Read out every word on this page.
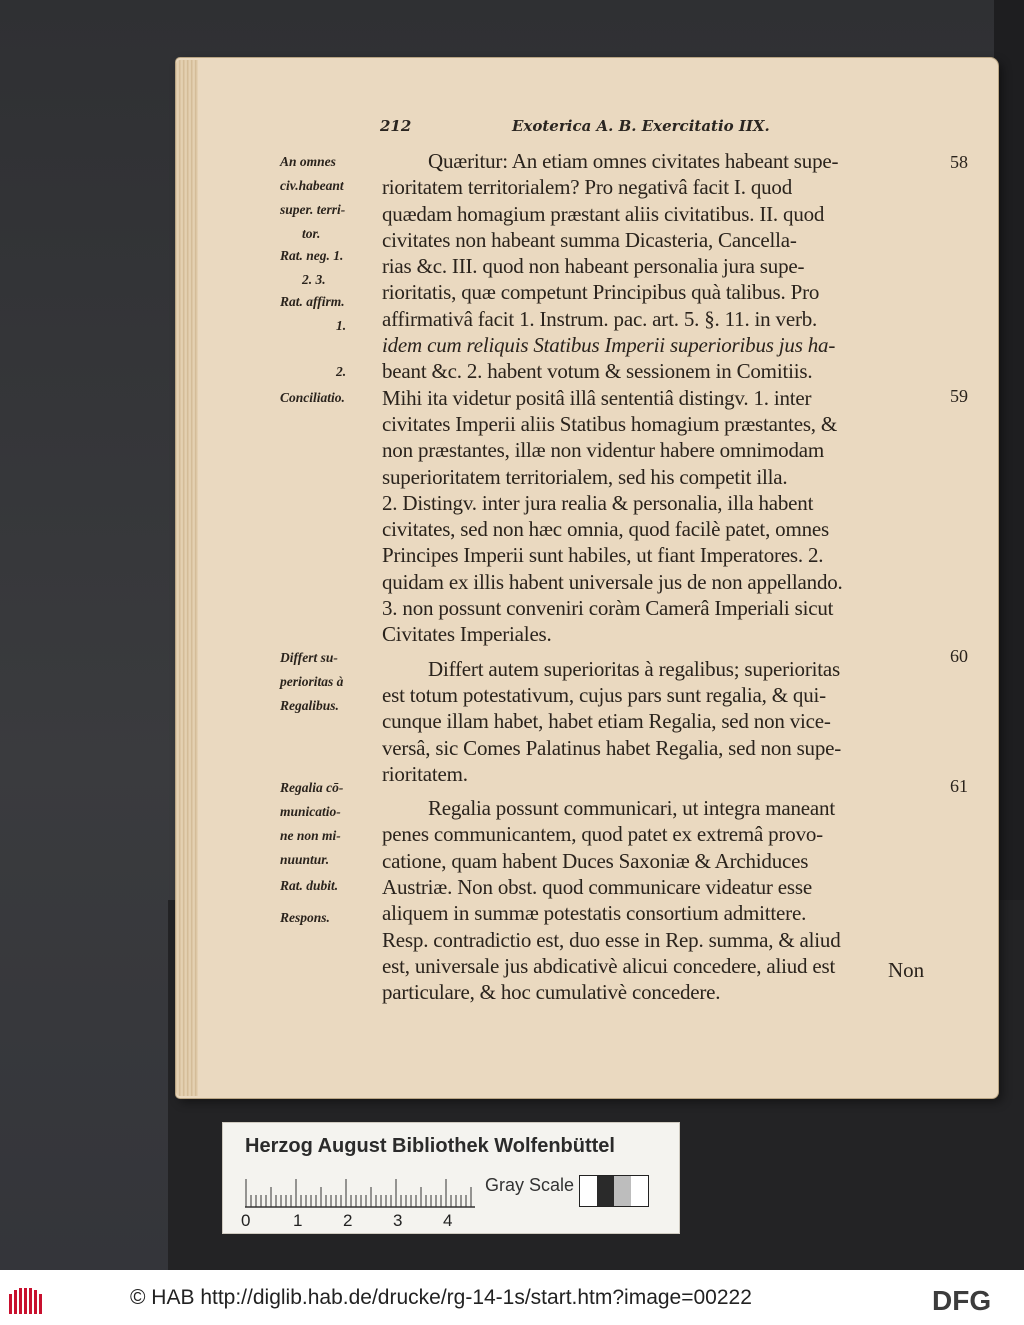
212	Exoterica A. B. Exercitatio IIX.
An omnes
civ.habeant
super. terri-
tor.
Rat. neg. 1.
2. 3.
Rat. affirm.
1.
2.
Conciliatio.
Differt su-
perioritas à
Regalibus.
Regalia cō-
municatio-
ne non mi-
nuuntur.
Rat. dubit.
Respons.
Quæritur: An etiam omnes civitates habeant supe-
rioritatem territorialem? Pro negativâ facit I. quod
quædam homagium præstant aliis civitatibus. II. quod
civitates non habeant summa Dicasteria, Cancella-
rias &c. III. quod non habeant personalia jura supe-
rioritatis, quæ competunt Principibus quà talibus. Pro
affirmativâ facit 1. Instrum. pac. art. 5. §. 11. in verb.
idem cum reliquis Statibus Imperii superioribus jus ha-
beant &c. 2. habent votum & sessionem in Comitiis.
Mihi ita videtur positâ illâ sententiâ distingv. 1. inter
civitates Imperii aliis Statibus homagium præstantes, &
non præstantes, illæ non videntur habere omnimodam
superioritatem territorialem, sed his competit illa.
2. Distingv. inter jura realia & personalia, illa habent
civitates, sed non hæc omnia, quod facilè patet, omnes
Principes Imperii sunt habiles, ut fiant Imperatores. 2.
quidam ex illis habent universale jus de non appellando.
3. non possunt conveniri coràm Camerâ Imperiali sicut
Civitates Imperiales.
Differt autem superioritas à regalibus; superioritas
est totum potestativum, cujus pars sunt regalia, & qui-
cunque illam habet, habet etiam Regalia, sed non vice-
versâ, sic Comes Palatinus habet Regalia, sed non supe-
rioritatem.
Regalia possunt communicari, ut integra maneant
penes communicantem, quod patet ex extremâ provo-
catione, quam habent Duces Saxoniæ & Archiduces
Austriæ. Non obst. quod communicare videatur esse
aliquem in summæ potestatis consortium admittere.
Resp. contradictio est, duo esse in Rep. summa, & aliud
est, universale jus abdicativè alicui concedere, aliud est
particulare, & hoc cumulativè concedere.
Non
58
59
60
61
Herzog August Bibliothek Wolfenbüttel
0	1 2 3 4
Gray Scale
© HAB http://diglib.hab.de/drucke/rg-14-1s/start.htm?image=00222	DFG
